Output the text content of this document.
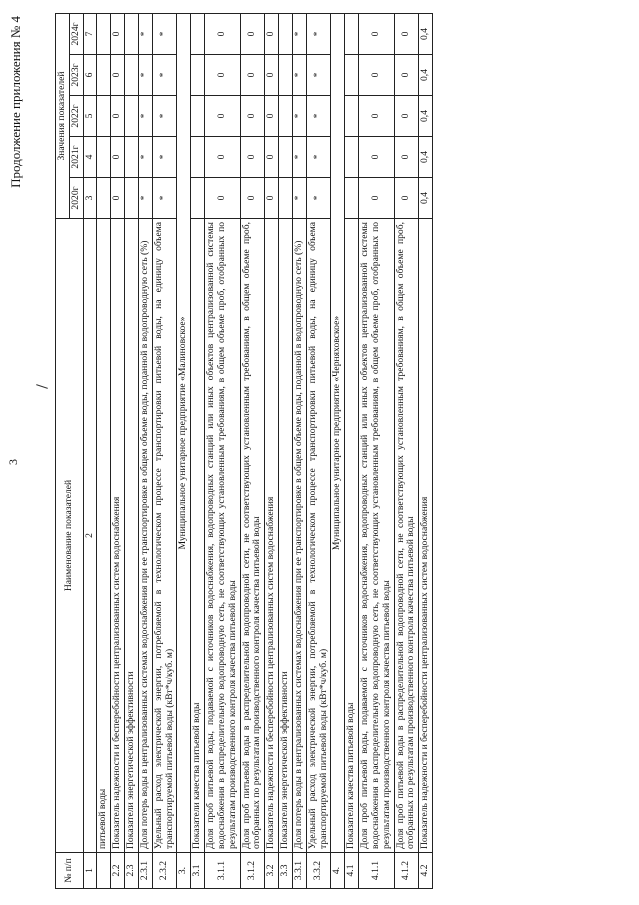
3
Продолжение приложения № 4
№ п/п	Наименование показателей	Значения показателей				
		2020г	2021г	2022г	2023г	2024г
1	2	3	4	5	6	7
	питьевой воды					
2.2	Показатель надежности и бесперебойности централизованных систем водоснабжения	0	0	0	0	0
2.3	Показатели энергетической эффективности					
2.3.1	Доля потерь воды в централизованных системах водоснабжения при ее транспортировке в общем объеме воды, поданной в водопроводную сеть (%)	*	*	*	*	*
2.3.2	Удельный расход электрической энергии, потребляемой в технологическом процессе транспортировки питьевой воды, на единицу объема транспортируемой питьевой воды (кВт*ч/куб. м)	*	*	*	*	*
3.	Муниципальное унитарное предприятие «Малиновское»					
3.1	Показатели качества питьевой воды					
3.1.1	Доля проб питьевой воды, подаваемой с источников водоснабжения, водопроводных станций или иных объектов централизованной системы водоснабжения в распределительную водопроводную сеть, не соответствующих установленным требованиям, в общем объеме проб, отобранных по результатам производственного контроля качества питьевой воды	0	0	0	0	0
3.1.2	Доля проб питьевой воды в распределительной водопроводной сети, не соответствующих установленным требованиям, в общем объеме проб, отобранных по результатам производственного контроля качества питьевой воды	0	0	0	0	0
3.2	Показатель надежности и бесперебойности централизованных систем водоснабжения	0	0	0	0	0
3.3	Показатели энергетической эффективности					
3.3.1	Доля потерь воды в централизованных системах водоснабжения при ее транспортировке в общем объеме воды, поданной в водопроводную сеть (%)	*	*	*	*	*
3.3.2	Удельный расход электрической энергии, потребляемой в технологическом процессе транспортировки питьевой воды, на единицу объема транспортируемой питьевой воды (кВт*ч/куб. м)	*	*	*	*	*
4.	Муниципальное унитарное предприятие «Черняховское»					
4.1	Показатели качества питьевой воды					
4.1.1	Доля проб питьевой воды, подаваемой с источников водоснабжения, водопроводных станций или иных объектов централизованной системы водоснабжения в распределительную водопроводную сеть, не соответствующих установленным требованиям, в общем объеме проб, отобранных по результатам производственного контроля качества питьевой воды	0	0	0	0	0
4.1.2	Доля проб питьевой воды в распределительной водопроводной сети, не соответствующих установленным требованиям, в общем объеме проб, отобранных по результатам производственного контроля качества питьевой воды	0	0	0	0	0
4.2	Показатель надежности и бесперебойности централизованных систем водоснабжения	0,4	0,4	0,4	0,4	0,4
